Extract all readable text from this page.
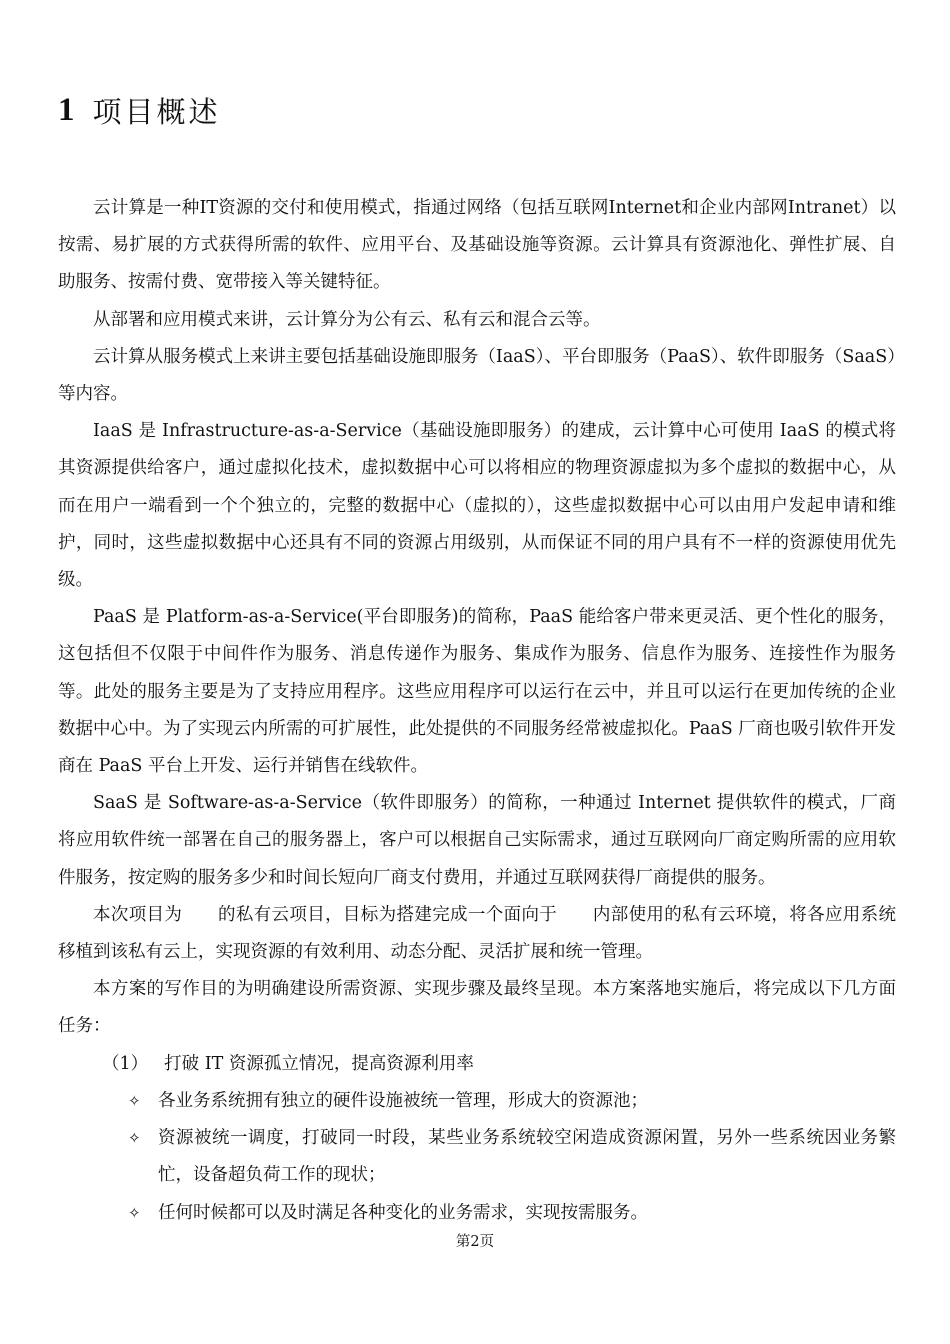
1 项目概述

云计算是一种IT资源的交付和使用模式，指通过网络（包括互联网Internet和企业内部网Intranet）以按需、易扩展的方式获得所需的软件、应用平台、及基础设施等资源。云计算具有资源池化、弹性扩展、自助服务、按需付费、宽带接入等关键特征。

从部署和应用模式来讲，云计算分为公有云、私有云和混合云等。

云计算从服务模式上来讲主要包括基础设施即服务（IaaS）、平台即服务（PaaS）、软件即服务（SaaS）等内容。

IaaS 是 Infrastructure-as-a-Service（基础设施即服务）的建成，云计算中心可使用 IaaS 的模式将其资源提供给客户，通过虚拟化技术，虚拟数据中心可以将相应的物理资源虚拟为多个虚拟的数据中心，从而在用户一端看到一个个独立的，完整的数据中心（虚拟的），这些虚拟数据中心可以由用户发起申请和维护，同时，这些虚拟数据中心还具有不同的资源占用级别，从而保证不同的用户具有不一样的资源使用优先级。

PaaS 是 Platform-as-a-Service(平台即服务)的简称，PaaS 能给客户带来更灵活、更个性化的服务，这包括但不仅限于中间件作为服务、消息传递作为服务、集成作为服务、信息作为服务、连接性作为服务等。此处的服务主要是为了支持应用程序。这些应用程序可以运行在云中，并且可以运行在更加传统的企业数据中心中。为了实现云内所需的可扩展性，此处提供的不同服务经常被虚拟化。PaaS 厂商也吸引软件开发商在 PaaS 平台上开发、运行并销售在线软件。

SaaS 是 Software-as-a-Service（软件即服务）的简称，一种通过 Internet 提供软件的模式，厂商将应用软件统一部署在自己的服务器上，客户可以根据自己实际需求，通过互联网向厂商定购所需的应用软件服务，按定购的服务多少和时间长短向厂商支付费用，并通过互联网获得厂商提供的服务。

本次项目为　　的私有云项目，目标为搭建完成一个面向于　　内部使用的私有云环境，将各应用系统移植到该私有云上，实现资源的有效利用、动态分配、灵活扩展和统一管理。

本方案的写作目的为明确建设所需资源、实现步骤及最终呈现。本方案落地实施后，将完成以下几方面任务：

（1） 打破 IT 资源孤立情况，提高资源利用率
✧ 各业务系统拥有独立的硬件设施被统一管理，形成大的资源池；
✧ 资源被统一调度，打破同一时段，某些业务系统较空闲造成资源闲置，另外一些系统因业务繁忙，设备超负荷工作的现状；
✧ 任何时候都可以及时满足各种变化的业务需求，实现按需服务。
第2页
